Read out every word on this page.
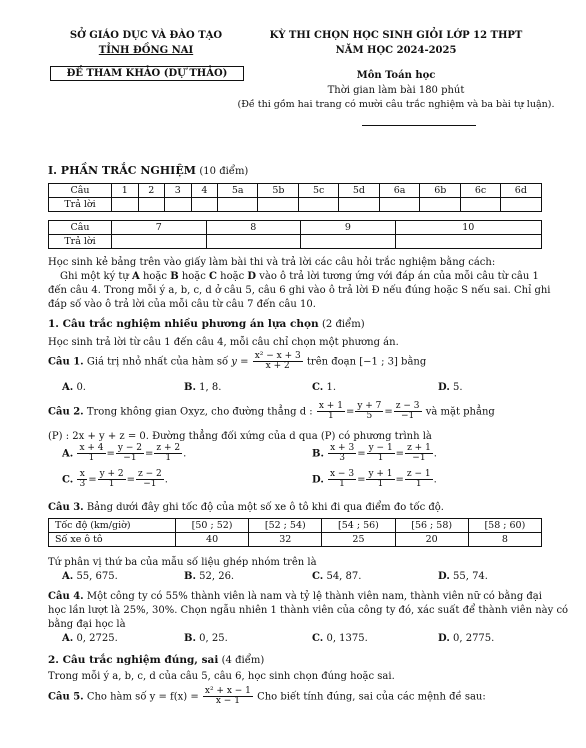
SỞ GIÁO DỤC VÀ ĐÀO TẠO
TỈNH ĐỒNG NAI
ĐỀ THAM KHẢO (DỰ THẢO)
KỲ THI CHỌN HỌC SINH GIỎI LỚP 12 THPT
NĂM HỌC 2024-2025
Môn Toán học
Thời gian làm bài 180 phút
(Đề thi gồm hai trang có mười câu trắc nghiệm và ba bài tự luận).
I. PHẦN TRẮC NGHIỆM (10 điểm)
Câu	1	2	3	4	5a	5b	5c	5d	6a	6b	6c	6d
Trả lời												
Câu	7	8	9	10
Trả lời				
Học sinh kẻ bảng trên vào giấy làm bài thi và trả lời các câu hỏi trắc nghiệm bằng cách:
Ghi một ký tự A hoặc B hoặc C hoặc D vào ô trả lời tương ứng với đáp án của mỗi câu từ câu 1
đến câu 4. Trong mỗi ý a, b, c, d ở câu 5, câu 6 ghi vào ô trả lời Đ nếu đúng hoặc S nếu sai. Chỉ ghi
đáp số vào ô trả lời của mỗi câu từ câu 7 đến câu 10.
1. Câu trắc nghiệm nhiều phương án lựa chọn (2 điểm)
Học sinh trả lời từ câu 1 đến câu 4, mỗi câu chỉ chọn một phương án.
Câu 1. Giá trị nhỏ nhất của hàm số $y = \frac{\text{x² − x + 3}}{x + 2}$ trên đoạn [−1 ; 3] bằng
A. 0.	B. 1, 8.	C. 1.	D. 5.
Câu 2. Trong không gian Oxyz, cho đường thẳng d : $\frac{x + 1}{1} = \frac{y + 7}{5} = \frac{z - 3}{-1}$ và mặt phẳng
(P) : 2x + y + z = 0. Đường thẳng đối xứng của d qua (P) có phương trình là
A. $\frac{x + 4}{1} = \frac{y - 2}{-1} = \frac{z + 2}{1}$ .	B. $\frac{x + 3}{3} = \frac{y - 1}{1} = \frac{z + 1}{-1}$ .
C. $\frac{x}{3} = \frac{y + 2}{1} = \frac{z - 2}{-1}$ .	D. $\frac{x - 3}{1} = \frac{y + 1}{1} = \frac{z - 1}{1}$ .
Câu 3. Bảng dưới đây ghi tốc độ của một số xe ô tô khi đi qua điểm đo tốc độ.
Tốc độ (km/giờ)	[50 ; 52)	[52 ; 54)	[54 ; 56)	[56 ; 58)	[58 ; 60)
Số xe ô tô	40	32	25	20	8
Tứ phân vị thứ ba của mẫu số liệu ghép nhóm trên là
A. 55, 675.	B. 52, 26.	C. 54, 87.	D. 55, 74.
Câu 4. Một công ty có 55% thành viên là nam và tỷ lệ thành viên nam, thành viên nữ có bằng đại
học lần lượt là 25%, 30%. Chọn ngẫu nhiên 1 thành viên của công ty đó, xác suất để thành viên này có
bằng đại học là
A. 0, 2725.	B. 0, 25.	C. 0, 1375.	D. 0, 2775.
2. Câu trắc nghiệm đúng, sai (4 điểm)
Trong mỗi ý a, b, c, d của câu 5, câu 6, học sinh chọn đúng hoặc sai.
Câu 5. Cho hàm số $y = f(x) = \frac{\text{x² + x − 1}}{x - 1}$ Cho biết tính đúng, sai của các mệnh đề sau:
